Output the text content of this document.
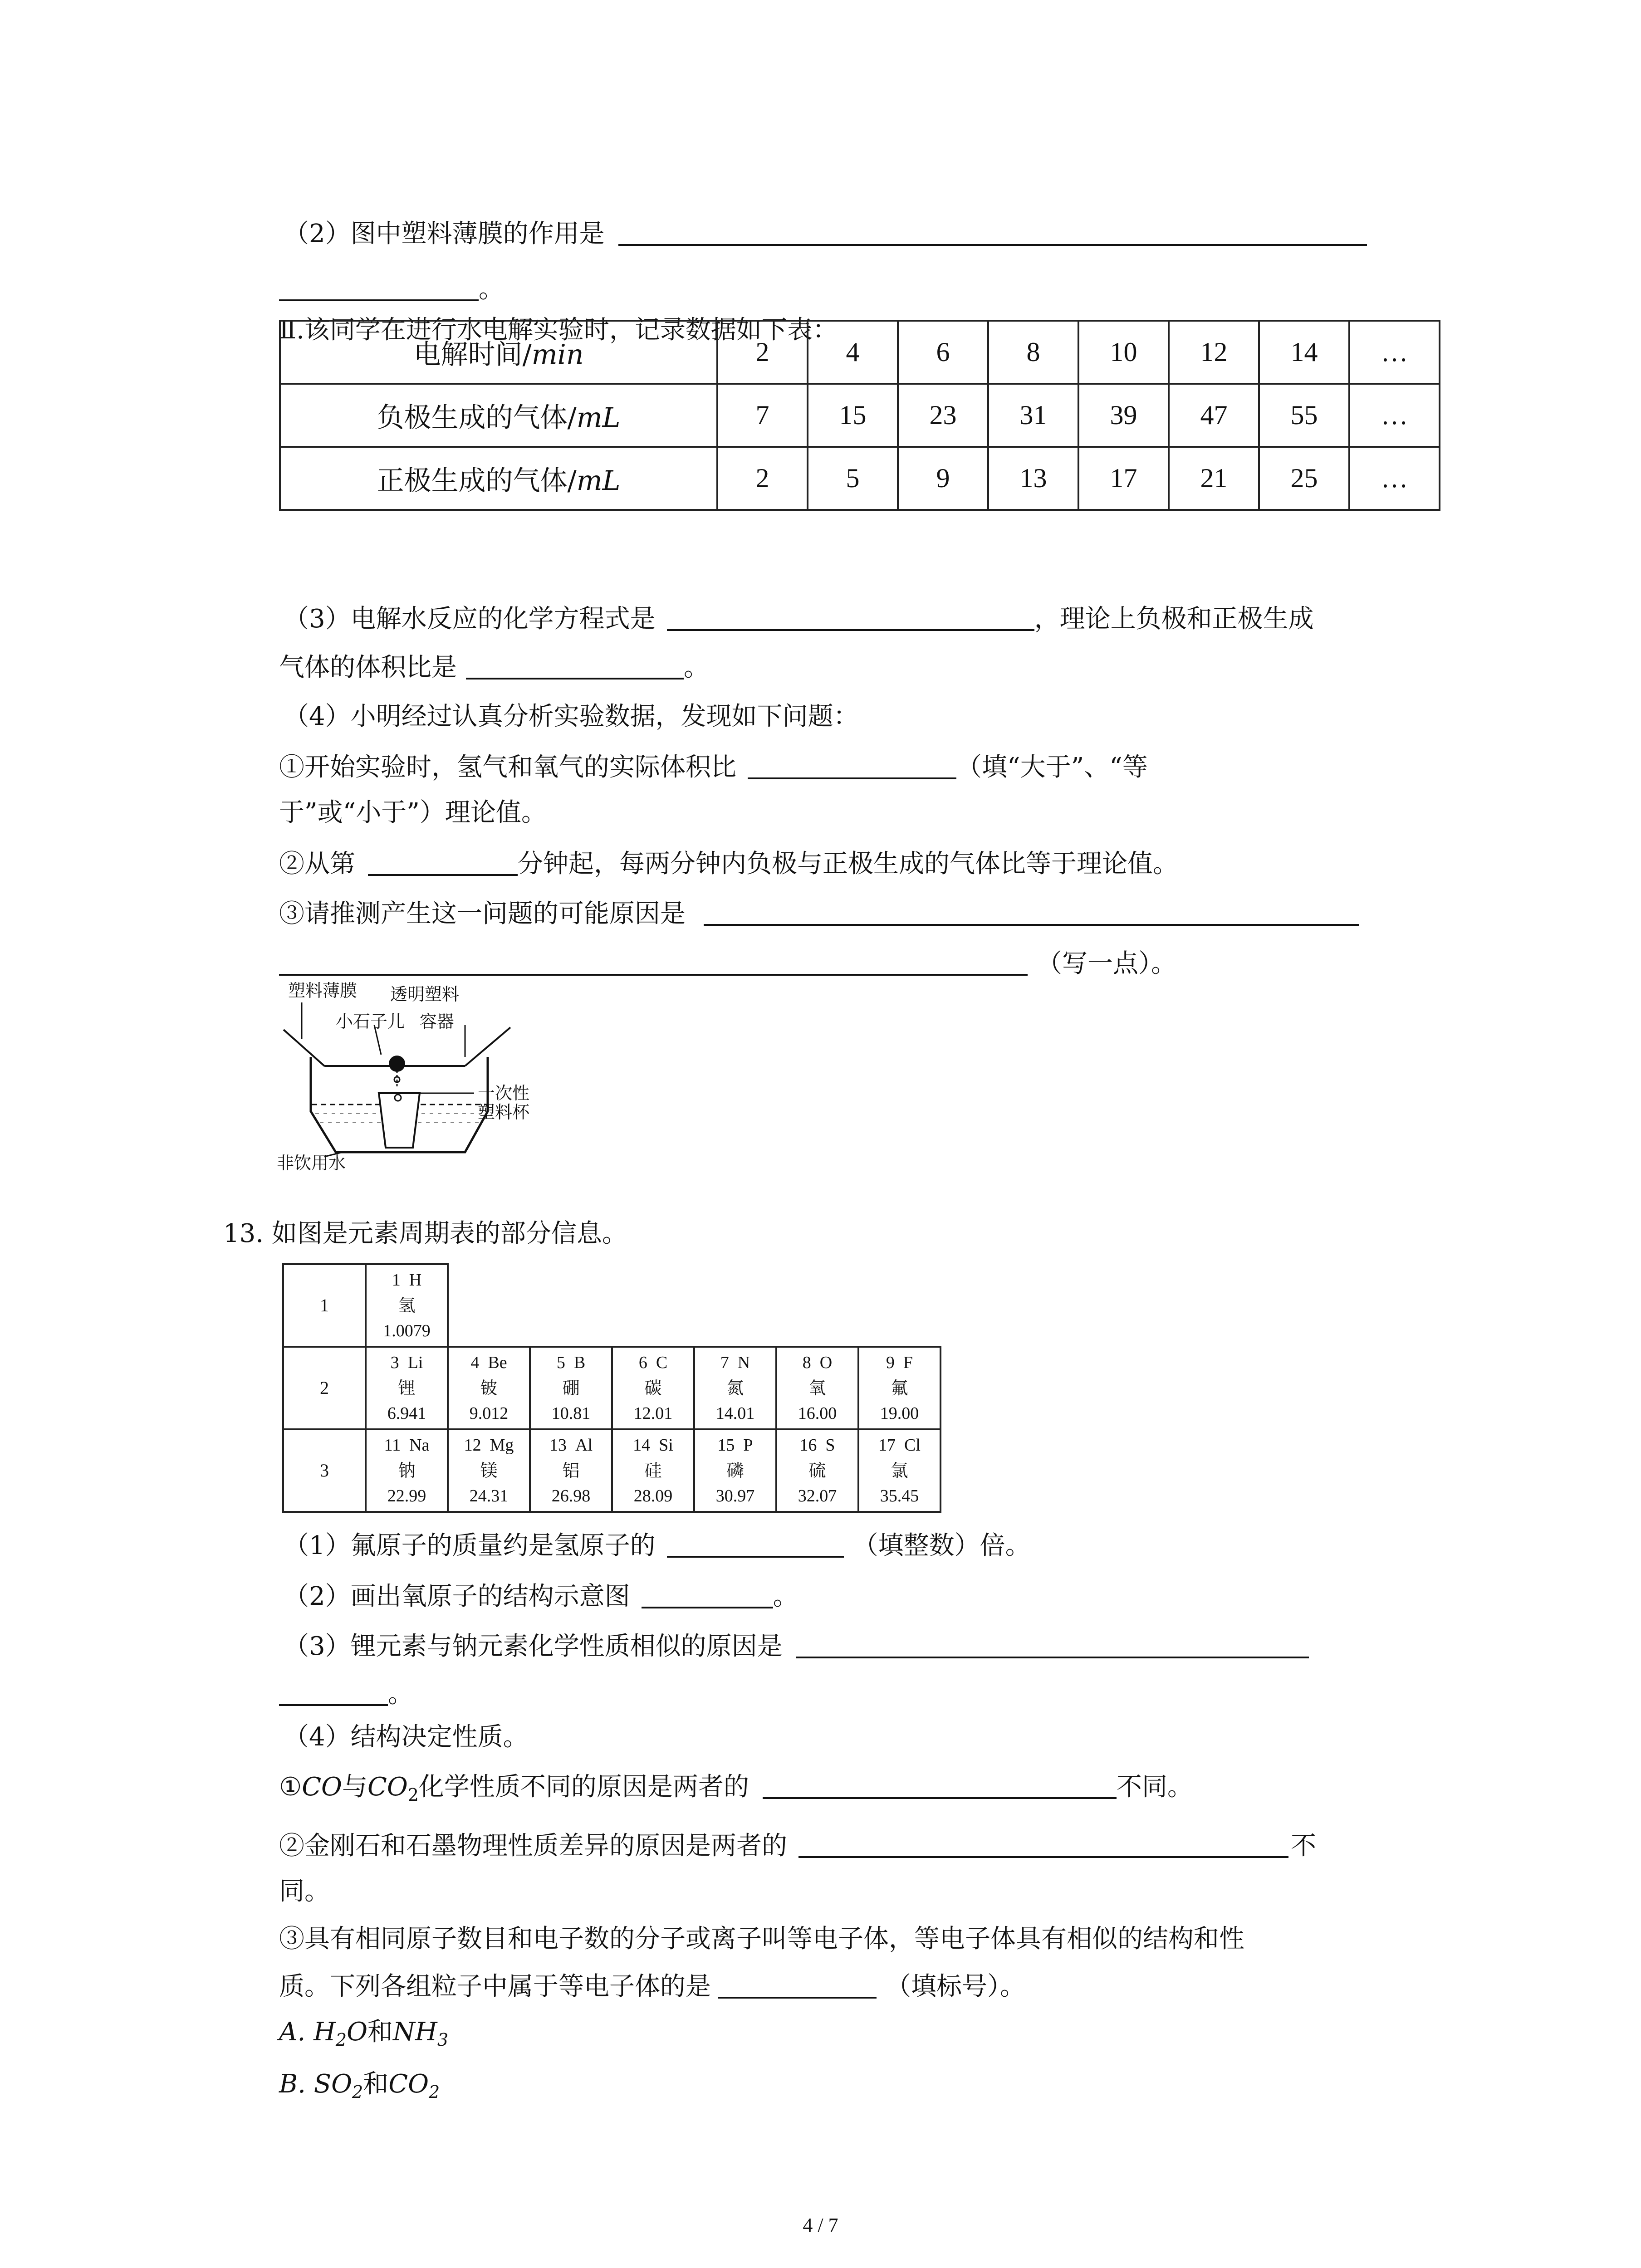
（2）图中塑料薄膜的作用是
。
Ⅱ.该同学在进行水电解实验时，记录数据如下表：
电解时间/min	2	4	6	8	10	12	14	…
负极生成的气体/mL	7	15	23	31	39	47	55	…
正极生成的气体/mL	2	5	9	13	17	21	25	…
（3）电解水反应的化学方程式是	，理论上负极和正极生成
气体的体积比是	。
（4）小明经过认真分析实验数据，发现如下问题：
①开始实验时，氢气和氧气的实际体积比	（填“大于”、“等
于”或“小于”）理论值。
②从第	分钟起，每两分钟内负极与正极生成的气体比等于理论值。
③请推测产生这一问题的可能原因是
（写一点）。
塑料薄膜 透明塑料
小石子儿 容器
一次性
塑料杯
非饮用水
13. 如图是元素周期表的部分信息。
1	1 H
氢
1.0079						

2	3 Li
锂
6.941	4 Be
铍
9.012	5 B
硼
10.81	6 C
碳
12.01	7 N
氮
14.01	8 O
氧
16.00	9 F
氟
19.00

3	11 Na
钠
22.99	12 Mg
镁
24.31	13 Al
铝
26.98	14 Si
硅
28.09	15 P
磷
30.97	16 S
硫
32.07	17 Cl
氯
35.45
（1）氟原子的质量约是氢原子的	（填整数）倍。
（2）画出氧原子的结构示意图	。
（3）锂元素与钠元素化学性质相似的原因是
。
（4）结构决定性质。
①CO与$CO_2$化学性质不同的原因是两者的	不同。
②金刚石和石墨物理性质差异的原因是两者的	不
同。
③具有相同原子数目和电子数的分子或离子叫等电子体，等电子体具有相似的结构和性
质。下列各组粒子中属于等电子体的是	（填标号）。
A. $H_2O$和$NH_3$
B. $SO_2$和$CO_2$
4 / 7
